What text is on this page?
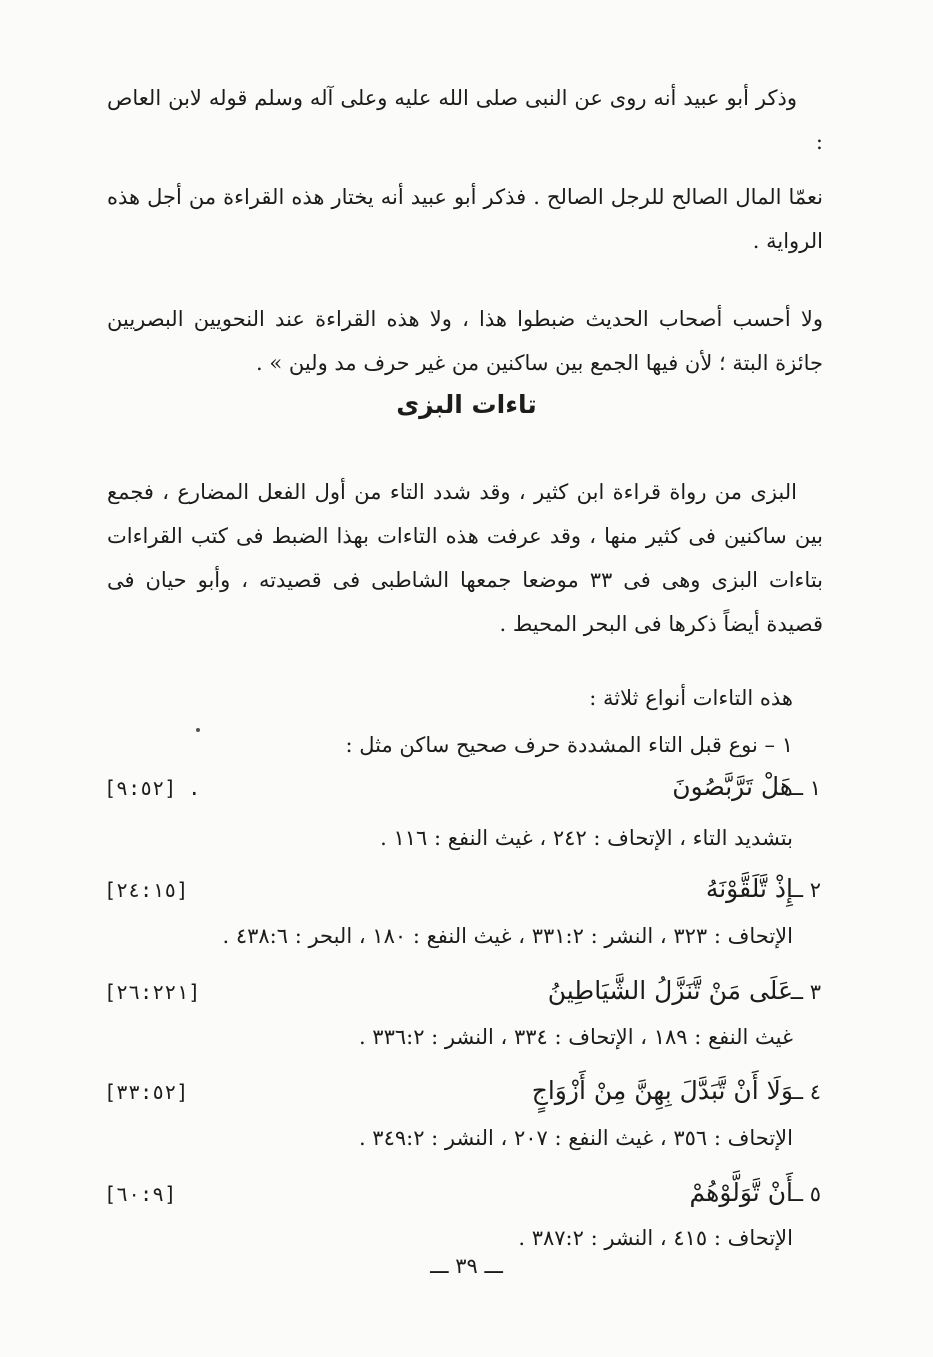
وذكر أبو عبيد أنه روى عن النبى صلى الله عليه وعلى آله وسلم قوله لابن العاص :
نعمّا المال الصالح للرجل الصالح . فذكر أبو عبيد أنه يختار هذه القراءة من أجل هذه الرواية .
ولا أحسب أصحاب الحديث ضبطوا هذا ، ولا هذه القراءة عند النحويين البصريين جائزة البتة ؛ لأن فيها الجمع بين ساكنين من غير حرف مد ولين » .
تاءات البزى
البزى من رواة قراءة ابن كثير ، وقد شدد التاء من أول الفعل المضارع ، فجمع بين ساكنين فى كثير منها ، وقد عرفت هذه التاءات بهذا الضبط فى كتب القراءات بتاءات البزى وهى فى ٣٣ موضعا جمعها الشاطبى فى قصيدته ، وأبو حيان فى قصيدة أيضاً ذكرها فى البحر المحيط .
هذه التاءات أنواع ثلاثة :
١ – نوع قبل التاء المشددة حرف صحيح ساكن مثل :
١ ــ
هَلْ تَرَّبَّصُونَ
[٩:٥٢] .
بتشديد التاء ، الإتحاف : ٢٤٢ ، غيث النفع : ١١٦ .
٢ ــ
إِذْ تَّلَقَّوْنَهُ
[٢٤:١٥]
الإتحاف : ٣٢٣ ، النشر : ٣٣١:٢ ، غيث النفع : ١٨٠ ، البحر : ٤٣٨:٦ .
٣ ــ
عَلَى مَنْ تَّنَزَّلُ الشَّيَاطِينُ
[٢٦:٢٢١]
غيث النفع : ١٨٩ ، الإتحاف : ٣٣٤ ، النشر : ٣٣٦:٢ .
٤ ــ
وَلَا أَنْ تَّبَدَّلَ بِهِنَّ مِنْ أَزْوَاجٍ
[٣٣:٥٢]
الإتحاف : ٣٥٦ ، غيث النفع : ٢٠٧ ، النشر : ٣٤٩:٢ .
٥ ــ
أَنْ تَّوَلَّوْهُمْ
[٦٠:٩]
الإتحاف : ٤١٥ ، النشر : ٣٨٧:٢ .
ـــ ٣٩ ـــ
